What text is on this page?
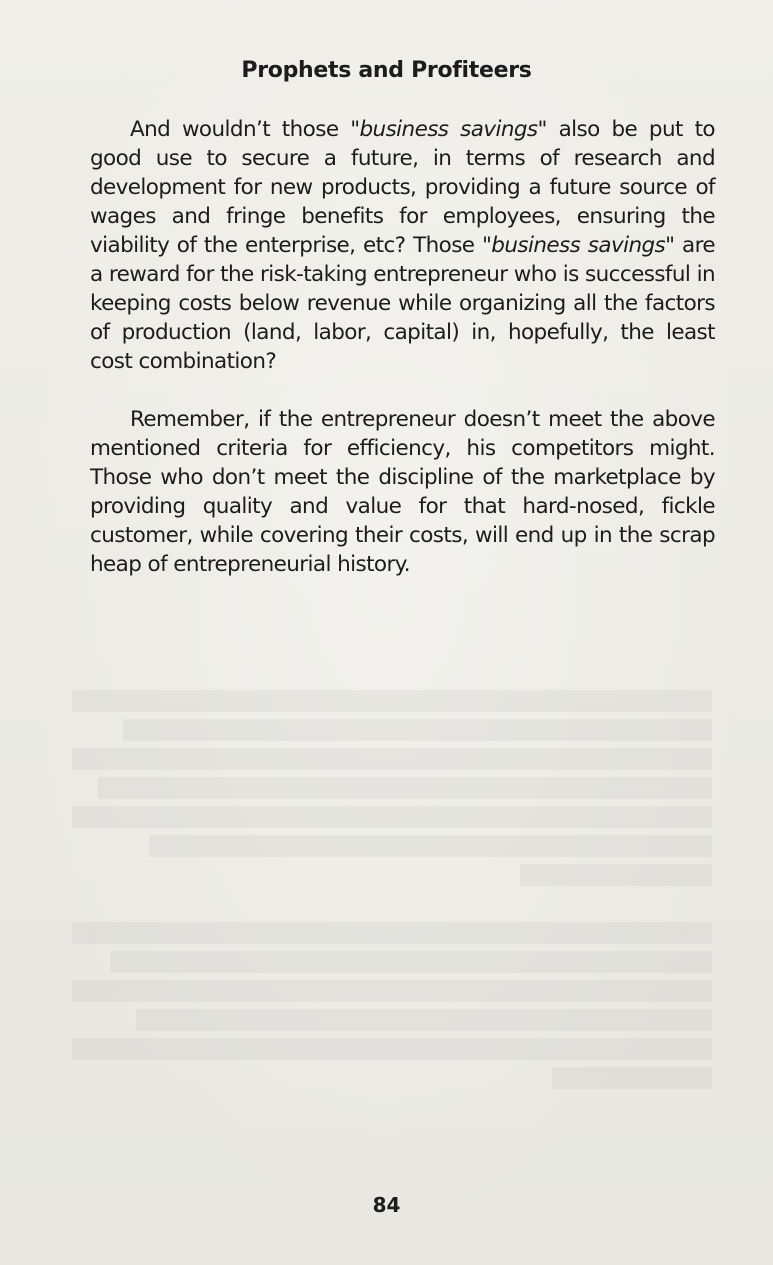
Prophets and Profiteers

And wouldn’t those "business savings" also be put to good use to secure a future, in terms of research and development for new products, providing a future source of wages and fringe benefits for employees, ensuring the viability of the enterprise, etc? Those "business savings" are a reward for the risk-taking entrepreneur who is successful in keeping costs below revenue while organizing all the factors of production (land, labor, capital) in, hopefully, the least cost combination?

Remember, if the entrepreneur doesn’t meet the above mentioned criteria for efficiency, his competitors might. Those who don’t meet the discipline of the marketplace by providing quality and value for that hard-nosed, fickle customer, while covering their costs, will end up in the scrap heap of entrepreneurial history.

84
